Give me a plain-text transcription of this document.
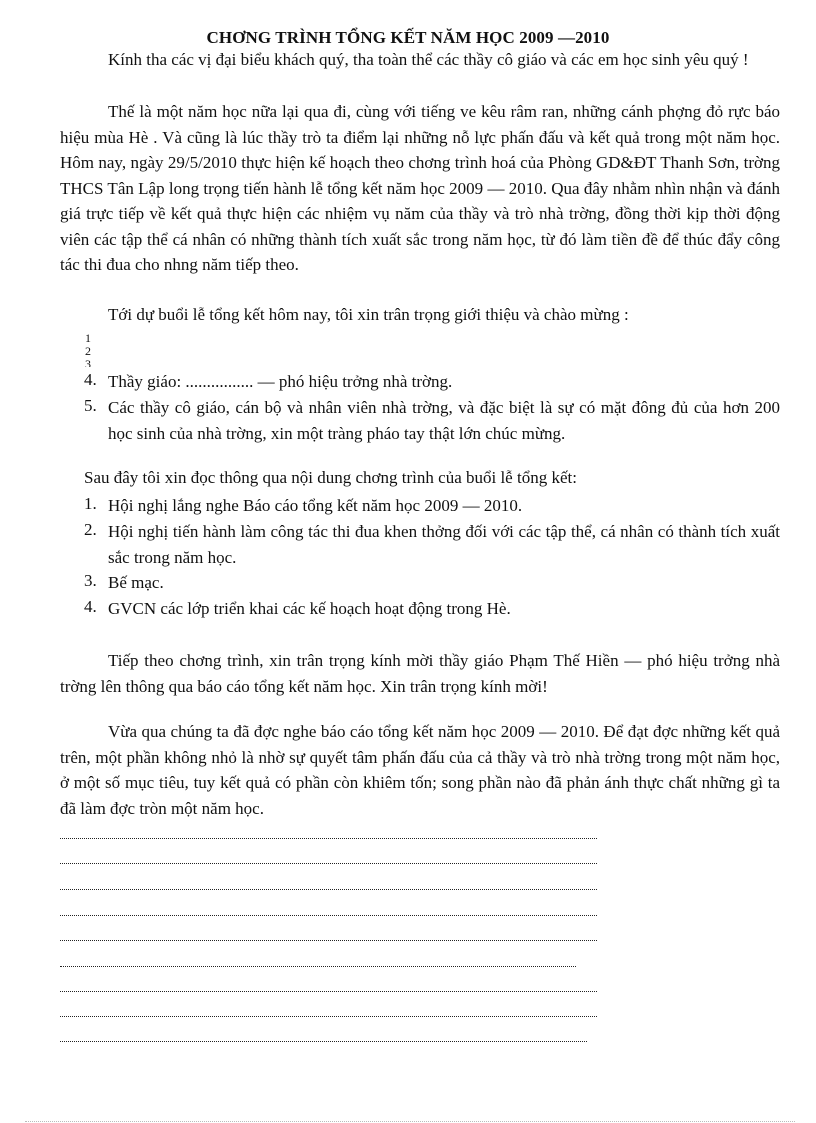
CHƠNG TRÌNH TỔNG KẾT NĂM HỌC 2009 —2010

Kính tha các vị đại biểu khách quý, tha toàn thể các thầy cô giáo và các em học sinh yêu quý !

Thế là một năm học nữa lại qua đi, cùng với tiếng ve kêu râm ran, những cánh phợng đỏ rực báo hiệu mùa Hè . Và cũng là lúc thầy trò ta điểm lại những nỗ lực phấn đấu và kết quả trong một năm học. Hôm nay, ngày 29/5/2010 thực hiện kế hoạch theo chơng trình hoá của Phòng GD&ĐT Thanh Sơn, trờng THCS Tân Lập long trọng tiến hành lễ tổng kết năm học 2009 — 2010. Qua đây nhằm nhìn nhận và đánh giá trực tiếp về kết quả thực hiện các nhiệm vụ năm của thầy và trò nhà trờng, đồng thời kịp thời động viên các tập thể cá nhân có những thành tích xuất sắc trong năm học, từ đó làm tiền đề để thúc đẩy công tác thi đua cho nhng năm tiếp theo.

Tới dự buổi lễ tổng kết hôm nay, tôi xin trân trọng giới thiệu và chào mừng :
1
2
3
4. Thầy giáo: ................ — phó hiệu trởng nhà trờng.
5. Các thầy cô giáo, cán bộ và nhân viên nhà trờng, và đặc biệt là sự có mặt đông đủ của hơn 200 học sinh của nhà trờng, xin một tràng pháo tay thật lớn chúc mừng.

Sau đây tôi xin đọc thông qua nội dung chơng trình của buổi lễ tổng kết:
1. Hội nghị lắng nghe Báo cáo tổng kết năm học 2009 — 2010.
2. Hội nghị tiến hành làm công tác thi đua khen thởng đối với các tập thể, cá nhân có thành tích xuất sắc trong năm học.

3. Bế mạc.
4. GVCN các lớp triển khai các kế hoạch hoạt động trong Hè.

Tiếp theo chơng trình, xin trân trọng kính mời thầy giáo Phạm Thế Hiền — phó hiệu trởng nhà trờng lên thông qua báo cáo tổng kết năm học. Xin trân trọng kính mời!

Vừa qua chúng ta đã đợc nghe báo cáo tổng kết năm học 2009 — 2010. Để đạt đợc những kết quả trên, một phần không nhỏ là nhờ sự quyết tâm phấn đấu của cả thầy và trò nhà trờng trong một năm học, ở một số mục tiêu, tuy kết quả có phần còn khiêm tốn; song phần nào đã phản ánh thực chất những gì ta đã làm đợc tròn một năm học.
